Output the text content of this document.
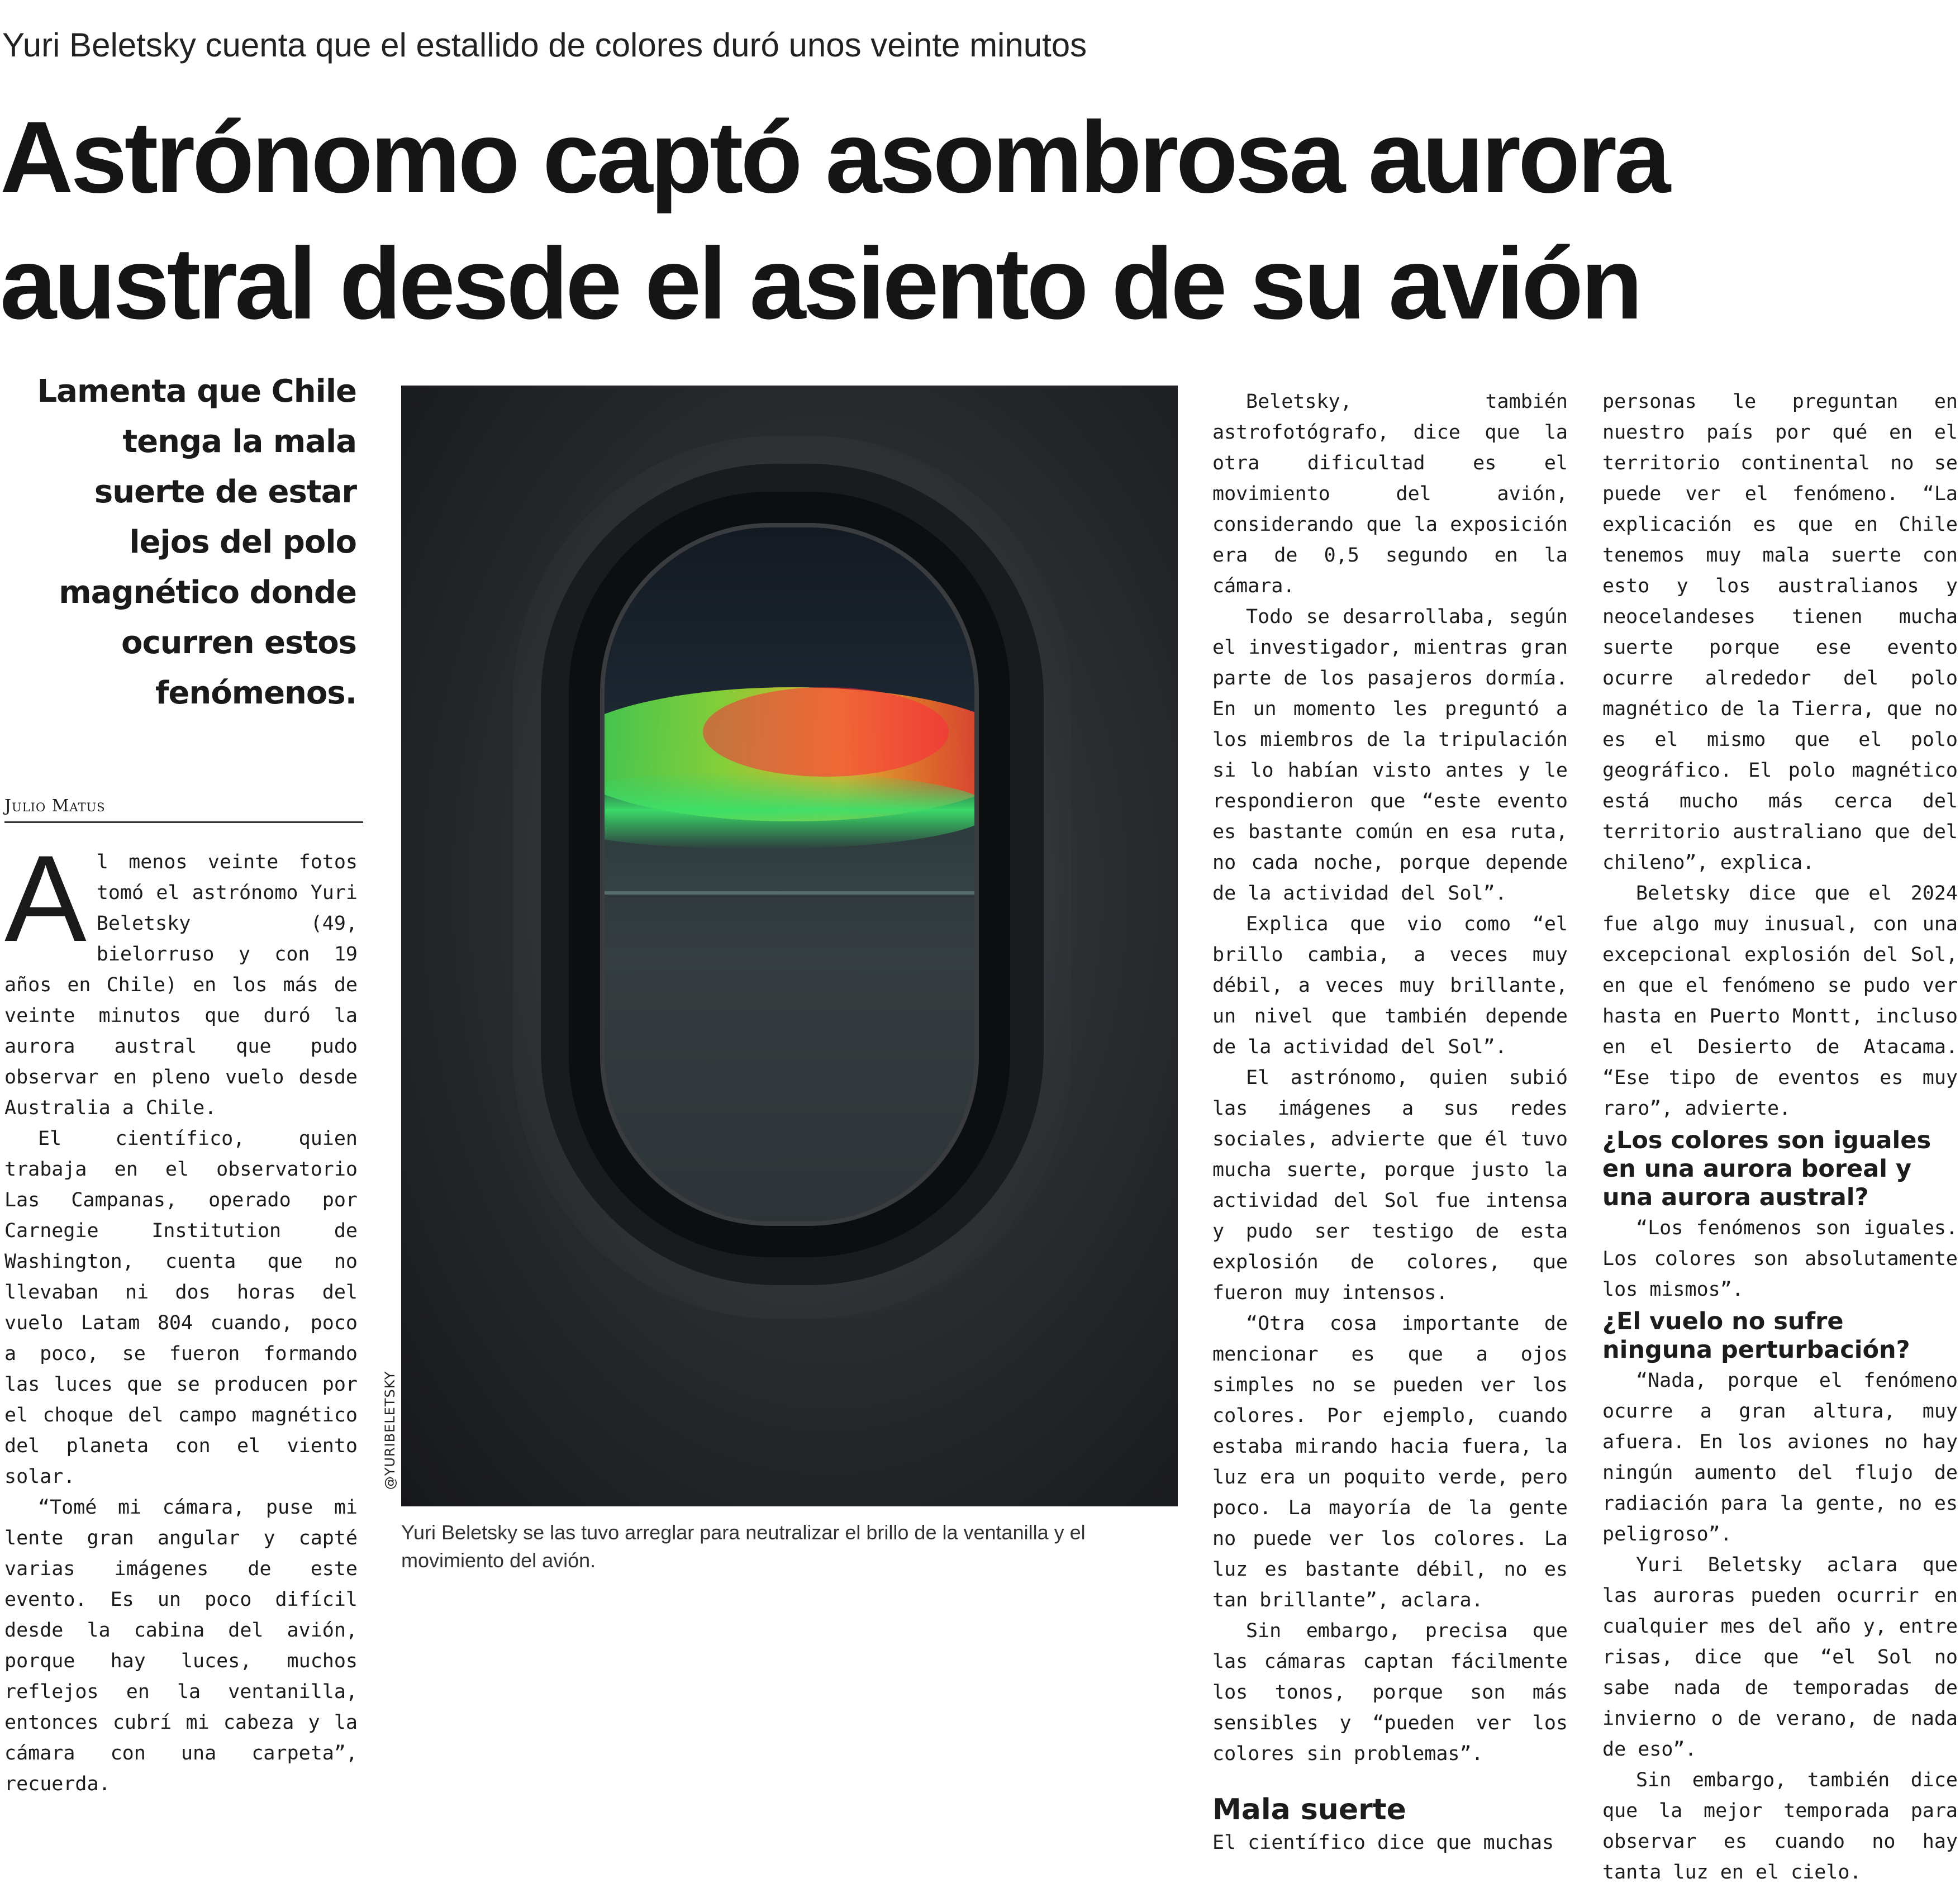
Yuri Beletsky cuenta que el estallido de colores duró unos veinte minutos
Astrónomo captó asombrosa aurora
austral desde el asiento de su avión

Lamenta que Chile tenga la mala suerte de estar lejos del polo magnético donde ocurren estos fenómenos.

Julio Matus

Al menos veinte fotos tomó el astrónomo Yuri Beletsky (49, bielorruso y con 19 años en Chile) en los más de veinte minutos que duró la aurora austral que pudo observar en pleno vuelo desde Australia a Chile.

El científico, quien trabaja en el observatorio Las Campanas, operado por Carnegie Institution de Washington, cuenta que no llevaban ni dos horas del vuelo Latam 804 cuando, poco a poco, se fueron formando las luces que se producen por el choque del campo magnético del planeta con el viento solar.

“Tomé mi cámara, puse mi lente gran angular y capté varias imágenes de este evento. Es un poco difícil desde la cabina del avión, porque hay luces, muchos reflejos en la ventanilla, entonces cubrí mi cabeza y la cámara con una carpeta”, recuerda.

@YURIBELETSKY
Yuri Beletsky se las tuvo arreglar para neutralizar el brillo de la ventanilla y el movimiento del avión.

Beletsky, también astrofotógrafo, dice que la otra dificultad es el movimiento del avión, considerando que la exposición era de 0,5 segundo en la cámara.

Todo se desarrollaba, según el investigador, mientras gran parte de los pasajeros dormía. En un momento les preguntó a los miembros de la tripulación si lo habían visto antes y le respondieron que “este evento es bastante común en esa ruta, no cada noche, porque depende de la actividad del Sol”.

Explica que vio como “el brillo cambia, a veces muy débil, a veces muy brillante, un nivel que también depende de la actividad del Sol”.

El astrónomo, quien subió las imágenes a sus redes sociales, advierte que él tuvo mucha suerte, porque justo la actividad del Sol fue intensa y pudo ser testigo de esta explosión de colores, que fueron muy intensos.

“Otra cosa importante de mencionar es que a ojos simples no se pueden ver los colores. Por ejemplo, cuando estaba mirando hacia fuera, la luz era un poquito verde, pero poco. La mayoría de la gente no puede ver los colores. La luz es bastante débil, no es tan brillante”, aclara.

Sin embargo, precisa que las cámaras captan fácilmente los tonos, porque son más sensibles y “pueden ver los colores sin problemas”.

Mala suerte

El científico dice que muchas

personas le preguntan en nuestro país por qué en el territorio continental no se puede ver el fenómeno. “La explicación es que en Chile tenemos muy mala suerte con esto y los australianos y neocelandeses tienen mucha suerte porque ese evento ocurre alrededor del polo magnético de la Tierra, que no es el mismo que el polo geográfico. El polo magnético está mucho más cerca del territorio australiano que del chileno”, explica.

Beletsky dice que el 2024 fue algo muy inusual, con una excepcional explosión del Sol, en que el fenómeno se pudo ver hasta en Puerto Montt, incluso en el Desierto de Atacama. “Ese tipo de eventos es muy raro”, advierte.

¿Los colores son iguales en una aurora boreal y una aurora austral?

“Los fenómenos son iguales. Los colores son absolutamente los mismos”.

¿El vuelo no sufre ninguna perturbación?

“Nada, porque el fenómeno ocurre a gran altura, muy afuera. En los aviones no hay ningún aumento del flujo de radiación para la gente, no es peligroso”.

Yuri Beletsky aclara que las auroras pueden ocurrir en cualquier mes del año y, entre risas, dice que “el Sol no sabe nada de temporadas de invierno o de verano, de nada de eso”.

Sin embargo, también dice que la mejor temporada para observar es cuando no hay tanta luz en el cielo.
